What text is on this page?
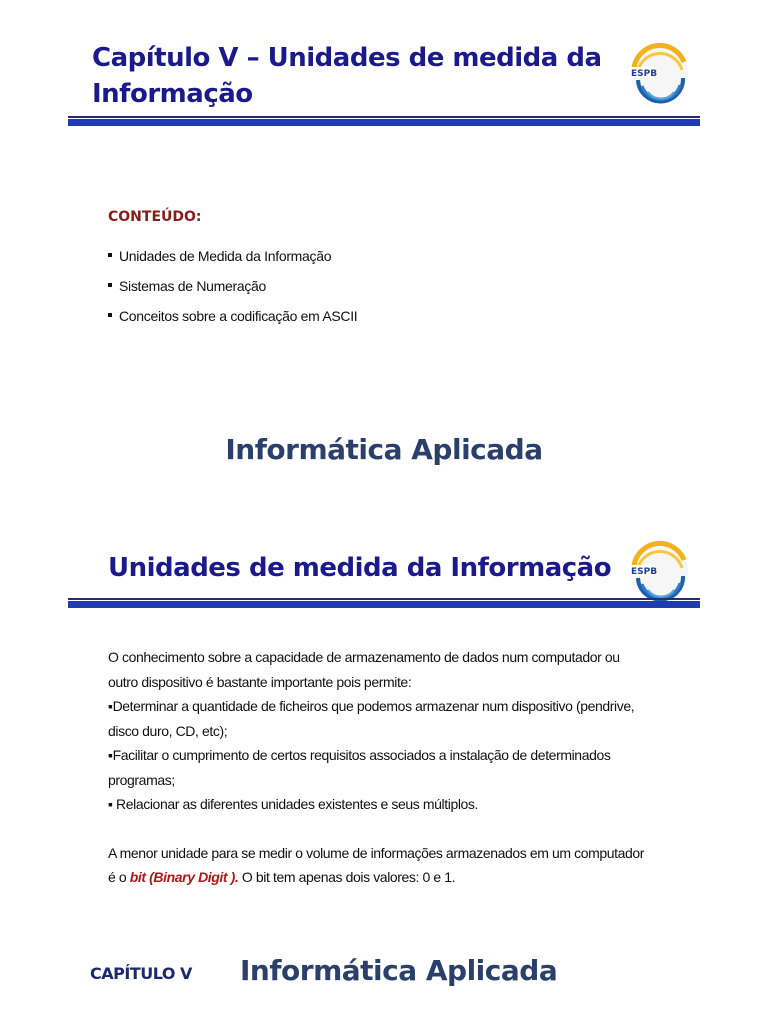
Capítulo V – Unidades de medida da
Informação
ESPB
CONTEÚDO:
Unidades de Medida da Informação
Sistemas de Numeração
Conceitos sobre a codificação em ASCII
Informática Aplicada
Unidades de medida da Informação ESPB

O conhecimento sobre a capacidade de armazenamento de dados num computador ou

outro dispositivo é bastante importante pois permite:

▪Determinar a quantidade de ficheiros que podemos armazenar num dispositivo (pendrive,

disco duro, CD, etc);

▪Facilitar o cumprimento de certos requisitos associados a instalação de determinados

programas;

▪ Relacionar as diferentes unidades existentes e seus múltiplos.

A menor unidade para se medir o volume de informações armazenados em um computador

é o bit (Binary Digit ). O bit tem apenas dois valores: 0 e 1.

CAPÍTULO V Informática Aplicada
